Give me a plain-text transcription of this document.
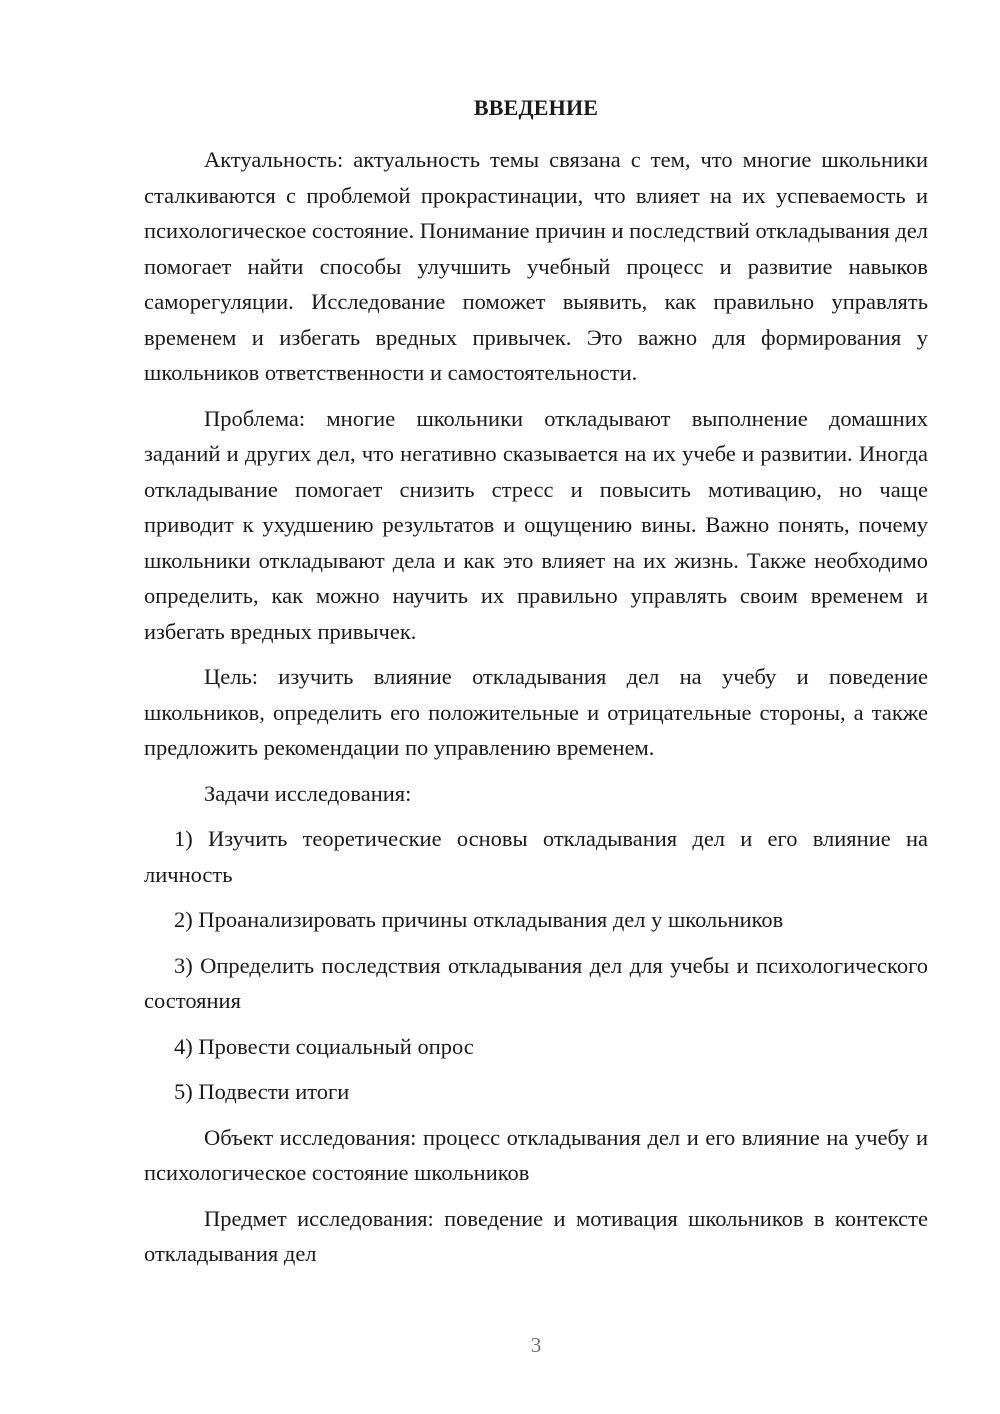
ВВЕДЕНИЕ

Актуальность: актуальность темы связана с тем, что многие школьники сталкиваются с проблемой прокрастинации, что влияет на их успеваемость и психологическое состояние. Понимание причин и последствий откладывания дел помогает найти способы улучшить учебный процесс и развитие навыков саморегуляции. Исследование поможет выявить, как правильно управлять временем и избегать вредных привычек. Это важно для формирования у школьников ответственности и самостоятельности.

Проблема: многие школьники откладывают выполнение домашних заданий и других дел, что негативно сказывается на их учебе и развитии. Иногда откладывание помогает снизить стресс и повысить мотивацию, но чаще приводит к ухудшению результатов и ощущению вины. Важно понять, почему школьники откладывают дела и как это влияет на их жизнь. Также необходимо определить, как можно научить их правильно управлять своим временем и избегать вредных привычек.

Цель: изучить влияние откладывания дел на учебу и поведение школьников, определить его положительные и отрицательные стороны, а также предложить рекомендации по управлению временем.

Задачи исследования:

1) Изучить теоретические основы откладывания дел и его влияние на личность

2) Проанализировать причины откладывания дел у школьников

3) Определить последствия откладывания дел для учебы и психологического состояния

4) Провести социальный опрос

5) Подвести итоги

Объект исследования: процесс откладывания дел и его влияние на учебу и психологическое состояние школьников

Предмет исследования: поведение и мотивация школьников в контексте откладывания дел

3
